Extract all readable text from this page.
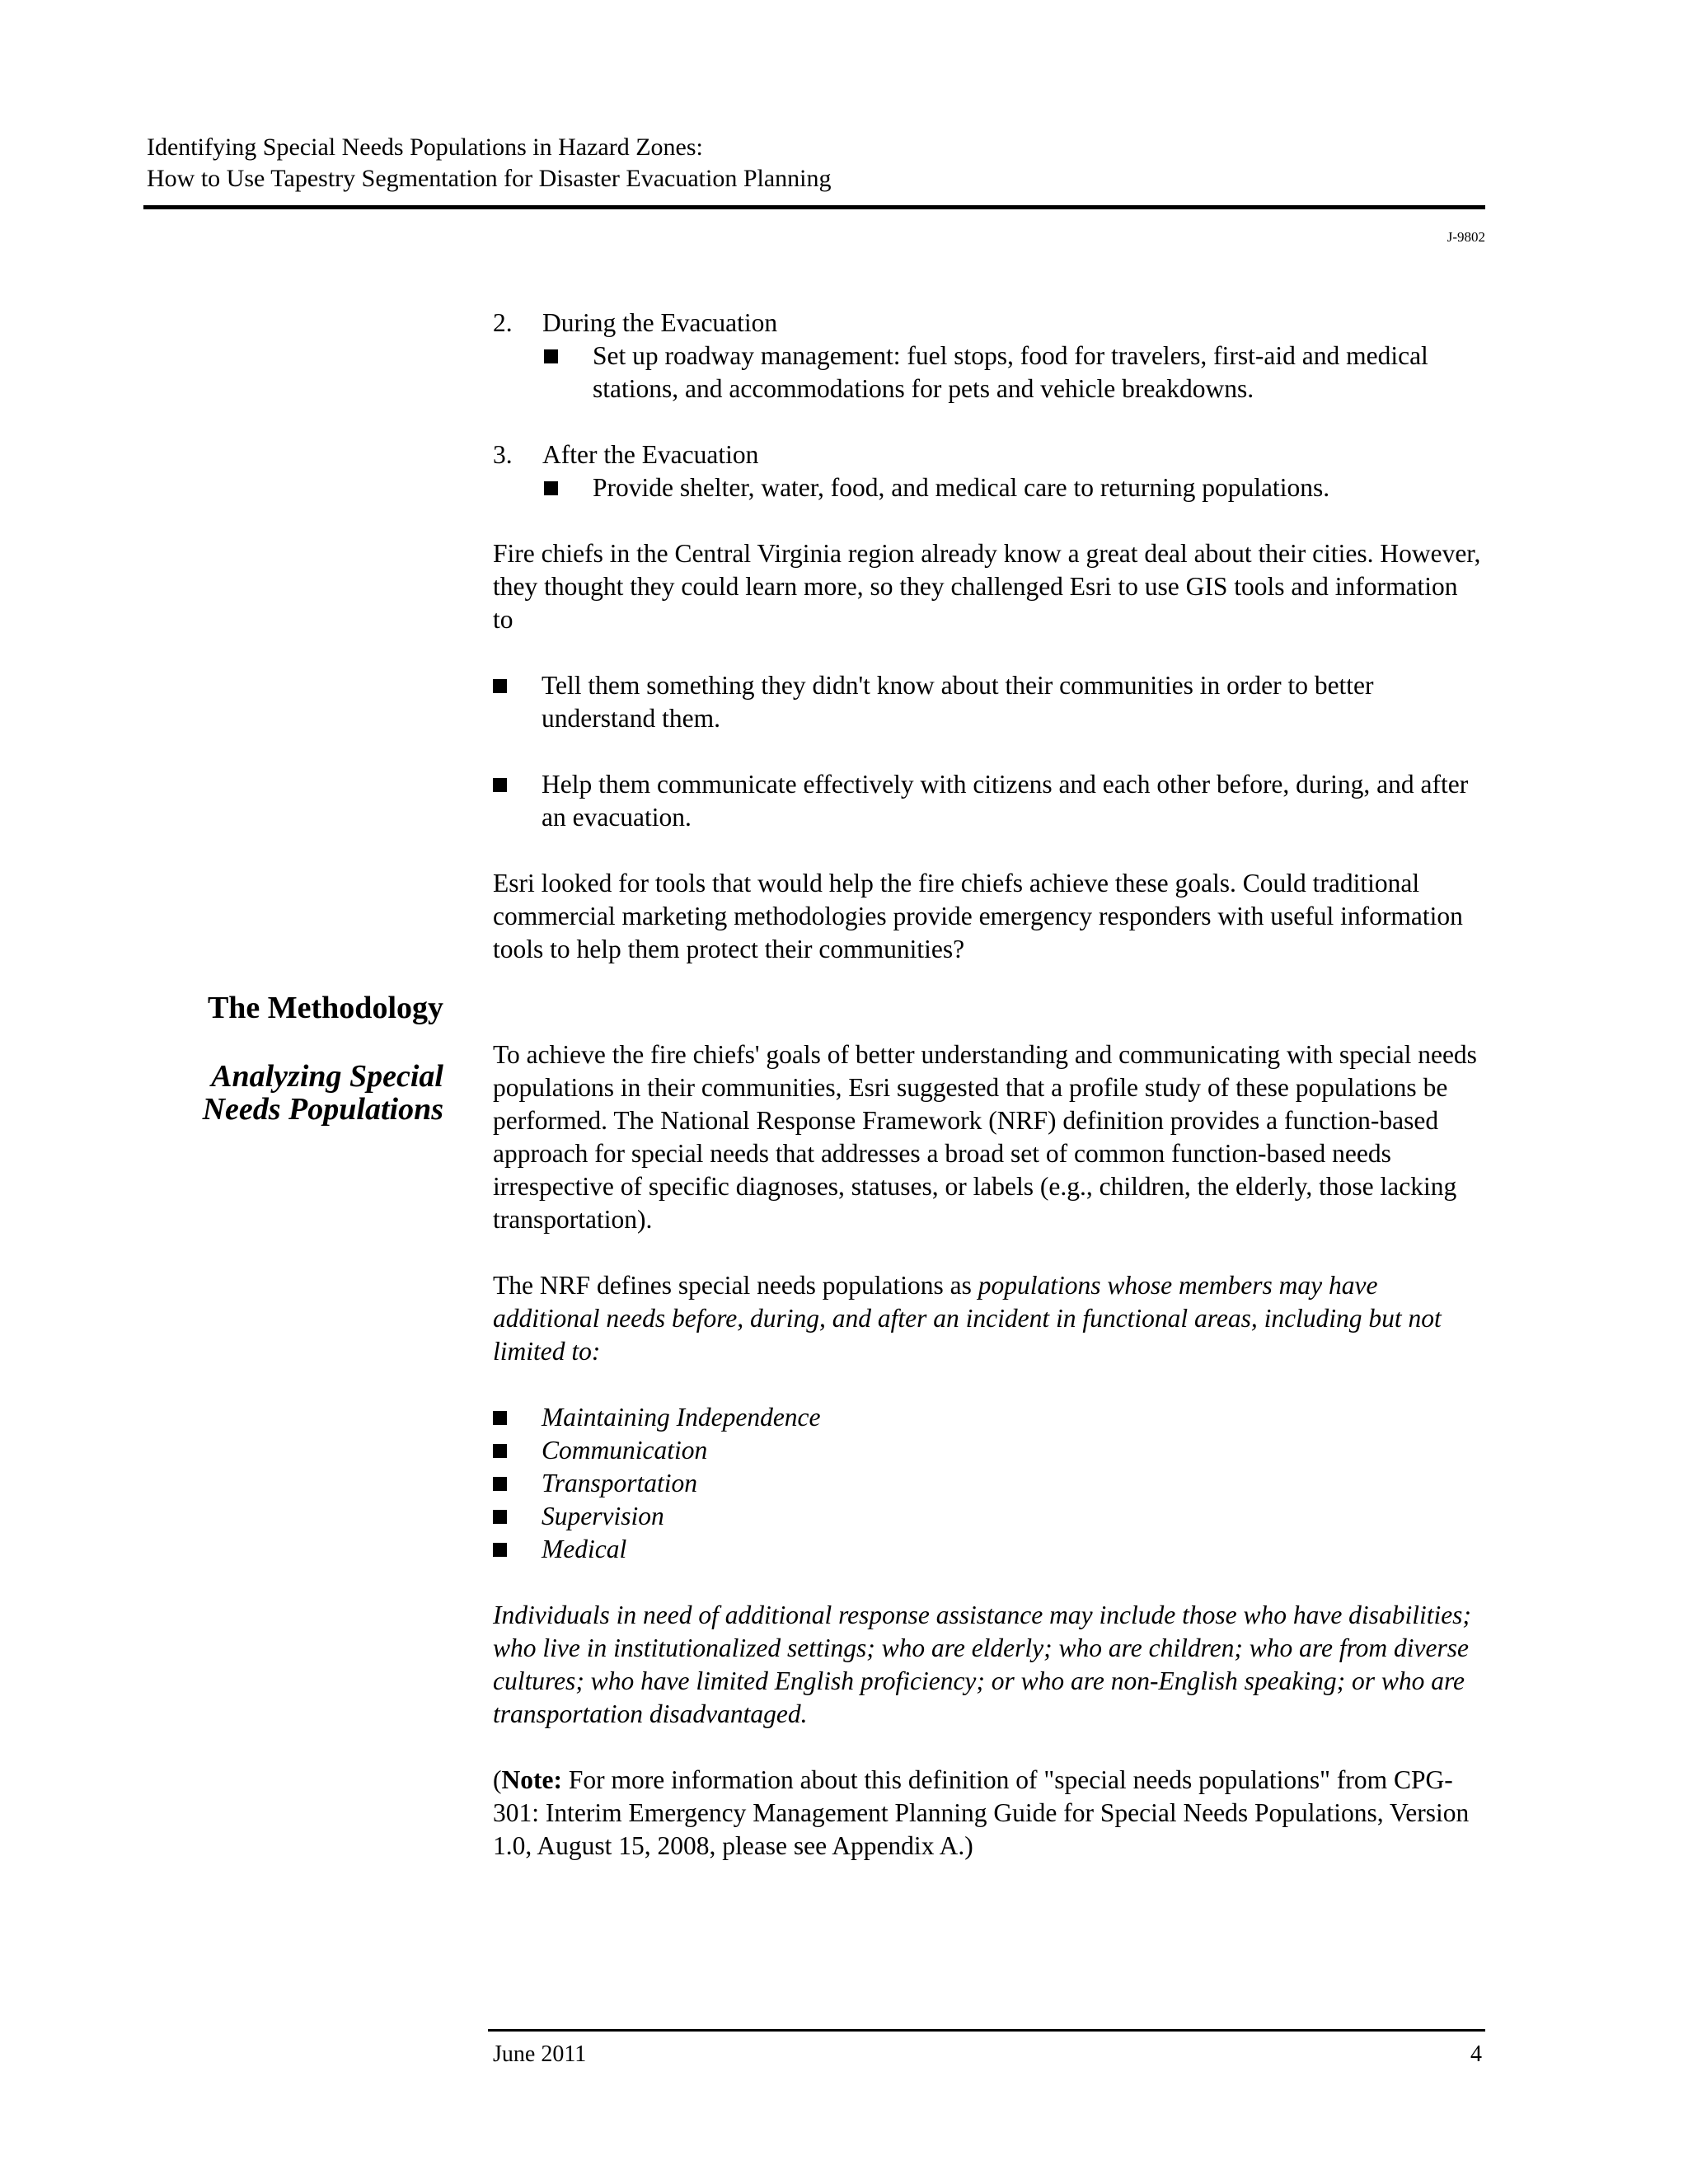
Identifying Special Needs Populations in Hazard Zones:
How to Use Tapestry Segmentation for Disaster Evacuation Planning
J-9802
The Methodology
Analyzing Special
Needs Populations
2.	During the Evacuation
Set up roadway management: fuel stops, food for travelers, first-aid and medical stations, and accommodations for pets and vehicle breakdowns.
3.	After the Evacuation
Provide shelter, water, food, and medical care to returning populations.

Fire chiefs in the Central Virginia region already know a great deal about their cities. However, they thought they could learn more, so they challenged Esri to use GIS tools and information to

Tell them something they didn't know about their communities in order to better understand them.
Help them communicate effectively with citizens and each other before, during, and after an evacuation.

Esri looked for tools that would help the fire chiefs achieve these goals. Could traditional commercial marketing methodologies provide emergency responders with useful information tools to help them protect their communities?

To achieve the fire chiefs' goals of better understanding and communicating with special needs populations in their communities, Esri suggested that a profile study of these populations be performed. The National Response Framework (NRF) definition provides a function-based approach for special needs that addresses a broad set of common function-based needs irrespective of specific diagnoses, statuses, or labels (e.g., children, the elderly, those lacking transportation).

The NRF defines special needs populations as populations whose members may have additional needs before, during, and after an incident in functional areas, including but not limited to:

Maintaining Independence
Communication
Transportation
Supervision
Medical

Individuals in need of additional response assistance may include those who have disabilities; who live in institutionalized settings; who are elderly; who are children; who are from diverse cultures; who have limited English proficiency; or who are non-English speaking; or who are transportation disadvantaged.

(Note: For more information about this definition of "special needs populations" from CPG-301: Interim Emergency Management Planning Guide for Special Needs Populations, Version 1.0, August 15, 2008, please see Appendix A.)

June 2011	4
